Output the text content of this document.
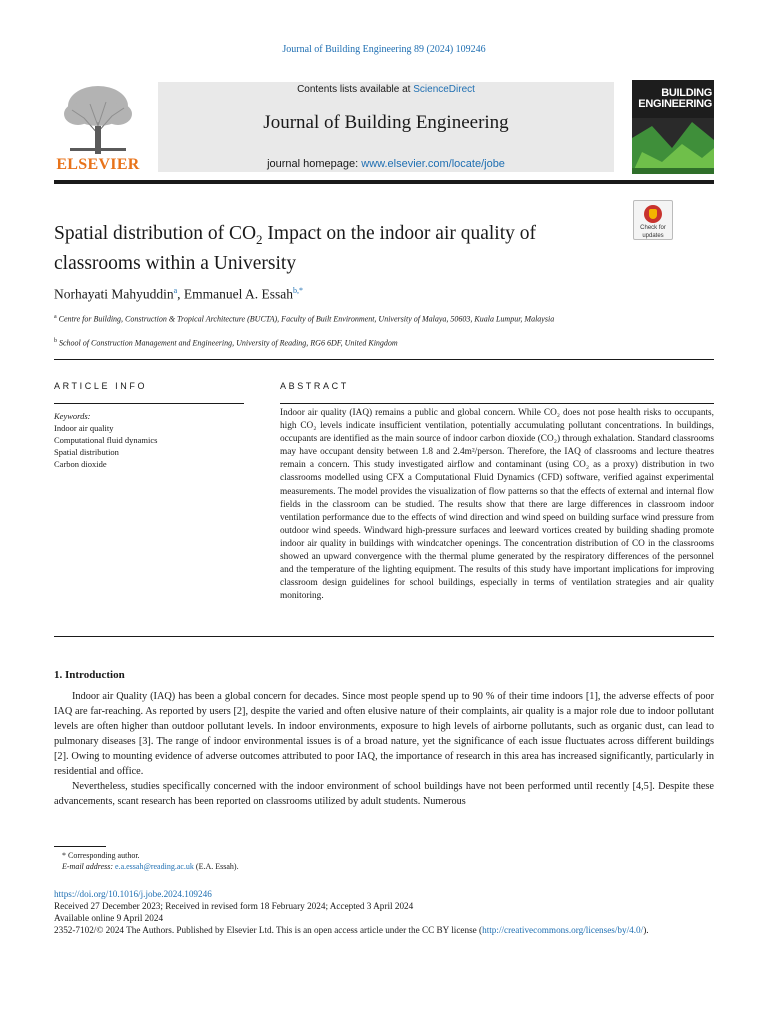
Journal of Building Engineering 89 (2024) 109246
ELSEVIER
Contents lists available at ScienceDirect
Journal of Building Engineering
journal homepage: www.elsevier.com/locate/jobe
BUILDING
ENGINEERING
Spatial distribution of $CO_2$ Impact on the indoor air quality of classrooms within a University
Check for
updates
Norhayati Mahyuddin$^a$, Emmanuel A. Essah$^{b,*}$
$^a$ Centre for Building, Construction & Tropical Architecture (BUCTA), Faculty of Built Environment, University of Malaya, 50603, Kuala Lumpur, Malaysia
$^b$ School of Construction Management and Engineering, University of Reading, RG6 6DF, United Kingdom
ARTICLE INFO	ABSTRACT
Keywords:
Indoor air quality
Computational fluid dynamics
Spatial distribution
Carbon dioxide
Indoor air quality (IAQ) remains a public and global concern. While CO₂ does not pose health risks to occupants, high CO₂ levels indicate insufficient ventilation, potentially accumulating pollutant concentrations. In buildings, occupants are identified as the main source of indoor carbon dioxide (CO₂) through exhalation. Standard classrooms may have occupant density between 1.8 and 2.4m²/person. Therefore, the IAQ of classrooms and lecture theatres remain a concern. This study investigated airflow and contaminant (using CO₂ as a proxy) distribution in two classrooms modelled using CFX a Computational Fluid Dynamics (CFD) software, verified against experimental measurements. The model provides the visualization of flow patterns so that the effects of external and internal flow fields in the classroom can be studied. The results show that there are large differences in classroom indoor ventilation performance due to the effects of wind direction and wind speed on building surface wind pressure from outdoor wind speeds. Windward high-pressure surfaces and leeward vortices created by building shading promote indoor air quality in buildings with windcatcher openings. The concentration distribution of CO in the classrooms showed an upward convergence with the thermal plume generated by the respiratory differences of the personnel and the temperature of the lighting equipment. The results of this study have important implications for improving classroom design guidelines for school buildings, especially in terms of ventilation strategies and air quality monitoring.
1. Introduction

Indoor air Quality (IAQ) has been a global concern for decades. Since most people spend up to 90 % of their time indoors [1], the adverse effects of poor IAQ are far-reaching. As reported by users [2], despite the varied and often elusive nature of their complaints, air quality is a major role due to indoor pollutant levels are often higher than outdoor pollutant levels. In indoor environments, exposure to high levels of airborne pollutants, such as organic dust, can lead to pulmonary diseases [3]. The range of indoor environmental issues is of a broad nature, yet the significance of each issue fluctuates across different buildings [2]. Owing to mounting evidence of adverse outcomes attributed to poor IAQ, the importance of research in this area has increased significantly, particularly in residential and office.

Nevertheless, studies specifically concerned with the indoor environment of school buildings have not been performed until recently [4,5]. Despite these advancements, scant research has been reported on classrooms utilized by adult students. Numerous

* Corresponding author.
E-mail address: e.a.essah@reading.ac.uk (E.A. Essah).
https://doi.org/10.1016/j.jobe.2024.109246
Received 27 December 2023; Received in revised form 18 February 2024; Accepted 3 April 2024
Available online 9 April 2024
2352-7102/© 2024 The Authors. Published by Elsevier Ltd. This is an open access article under the CC BY license (http://creativecommons.org/licenses/by/4.0/).
